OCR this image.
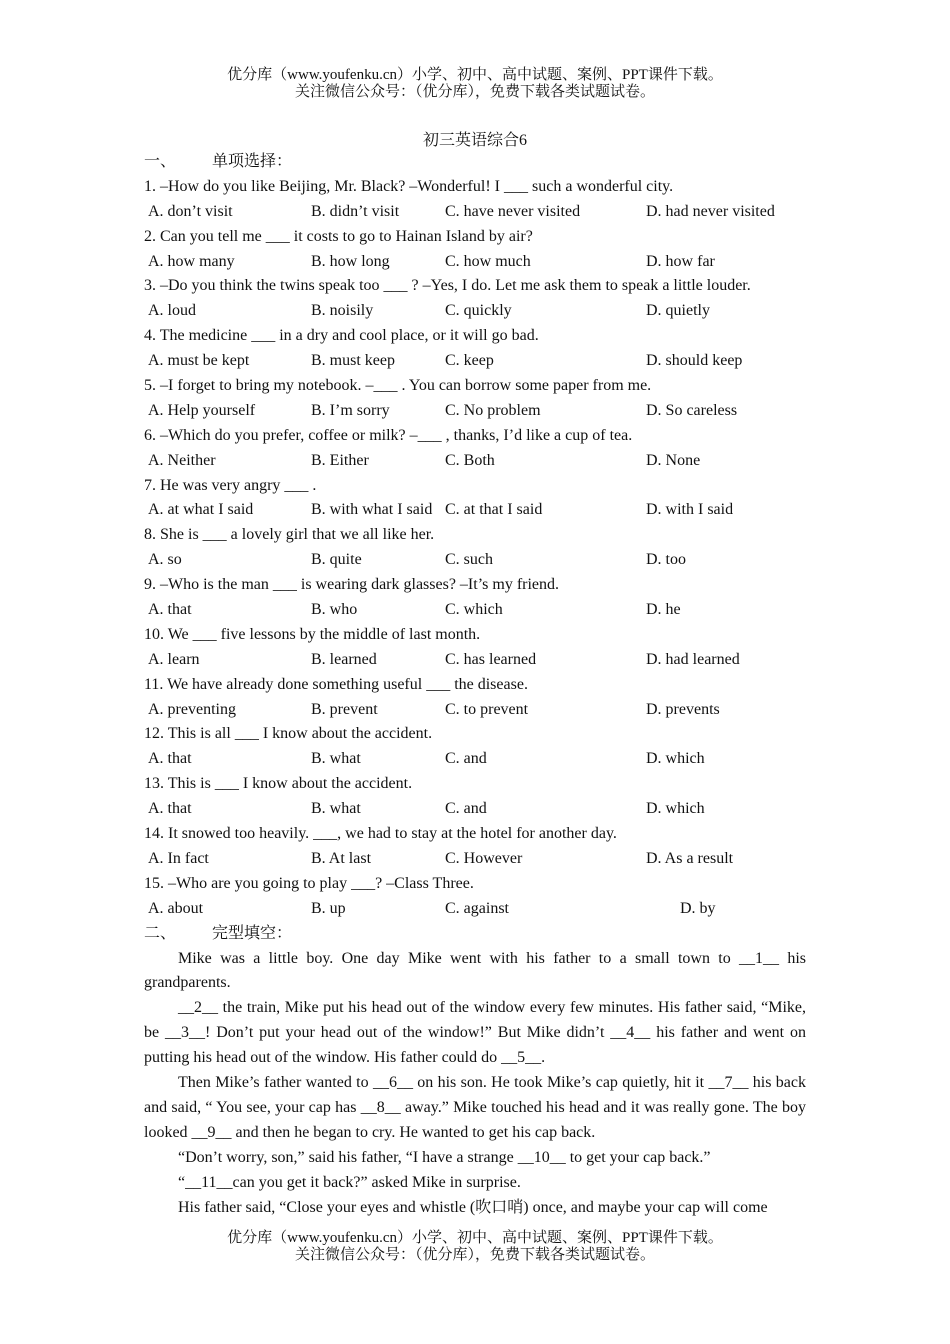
优分库（www.youfenku.cn）小学、初中、高中试题、案例、PPT课件下载。
关注微信公众号：（优分库），免费下载各类试题试卷。
初三英语综合6
一、 单项选择：
1. –How do you like Beijing, Mr. Black? –Wonderful! I ___ such a wonderful city.
A. don’t visit	B. didn’t visit	C. have never visited	D. had never visited
2. Can you tell me ___ it costs to go to Hainan Island by air?
A. how many	B. how long	C. how much	D. how far
3. –Do you think the twins speak too ___ ? –Yes, I do. Let me ask them to speak a little louder.
A. loud	B. noisily	C. quickly	D. quietly
4. The medicine ___ in a dry and cool place, or it will go bad.
A. must be kept	B. must keep	C. keep	D. should keep
5. –I forget to bring my notebook. –___ . You can borrow some paper from me.
A. Help yourself	B. I’m sorry	C. No problem	D. So careless
6. –Which do you prefer, coffee or milk? –___ , thanks, I’d like a cup of tea.
A. Neither	B. Either	C. Both	D. None
7. He was very angry ___ .
A. at what I said	B. with what I said C. at that I said	D. with I said
8. She is ___ a lovely girl that we all like her.
A. so	B. quite	C. such	D. too
9. –Who is the man ___ is wearing dark glasses? –It’s my friend.
A. that	B. who	C. which	D. he
10. We ___ five lessons by the middle of last month.
A. learn	B. learned	C. has learned	D. had learned
11. We have already done something useful ___ the disease.
A. preventing	B. prevent	C. to prevent	D. prevents
12. This is all ___ I know about the accident.
A. that	B. what	C. and	D. which
13. This is ___ I know about the accident.
A. that	B. what	C. and	D. which
14. It snowed too heavily. ___, we had to stay at the hotel for another day.
A. In fact	B. At last	C. However	D. As a result
15. –Who are you going to play ___? –Class Three.
A. about	B. up	C. against	D. by
二、 完型填空：

Mike was a little boy. One day Mike went with his father to a small town to __1__ his grandparents.

__2__ the train, Mike put his head out of the window every few minutes. His father said, “Mike, be __3__! Don’t put your head out of the window!” But Mike didn’t __4__ his father and went on putting his head out of the window. His father could do __5__.

Then Mike’s father wanted to __6__ on his son. He took Mike’s cap quietly, hit it __7__ his back and said, “ You see, your cap has __8__ away.” Mike touched his head and it was really gone. The boy looked __9__ and then he began to cry. He wanted to get his cap back.

“Don’t worry, son,” said his father, “I have a strange __10__ to get your cap back.”

“__11__can you get it back?” asked Mike in surprise.

His father said, “Close your eyes and whistle (吹口哨) once, and maybe your cap will come

优分库（www.youfenku.cn）小学、初中、高中试题、案例、PPT课件下载。
关注微信公众号：（优分库），免费下载各类试题试卷。
